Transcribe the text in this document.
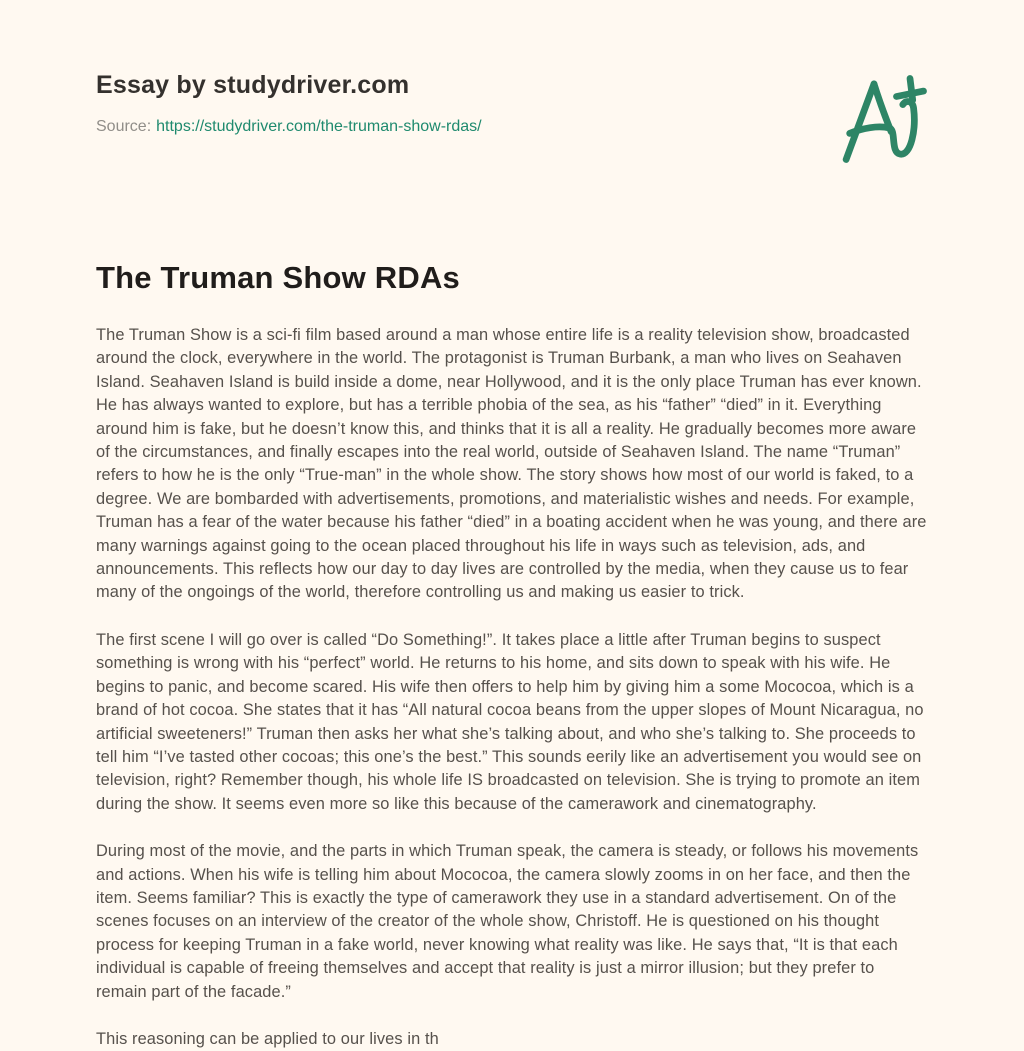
Essay by studydriver.com
Source: https://studydriver.com/the-truman-show-rdas/
The Truman Show RDAs

The Truman Show is a sci-fi film based around a man whose entire life is a reality television show, broadcasted around the clock, everywhere in the world. The protagonist is Truman Burbank, a man who lives on Seahaven Island. Seahaven Island is build inside a dome, near Hollywood, and it is the only place Truman has ever known. He has always wanted to explore, but has a terrible phobia of the sea, as his “father” “died” in it. Everything around him is fake, but he doesn’t know this, and thinks that it is all a reality. He gradually becomes more aware of the circumstances, and finally escapes into the real world, outside of Seahaven Island. The name “Truman” refers to how he is the only “True-man” in the whole show. The story shows how most of our world is faked, to a degree. We are bombarded with advertisements, promotions, and materialistic wishes and needs. For example, Truman has a fear of the water because his father “died” in a boating accident when he was young, and there are many warnings against going to the ocean placed throughout his life in ways such as television, ads, and announcements. This reflects how our day to day lives are controlled by the media, when they cause us to fear many of the ongoings of the world, therefore controlling us and making us easier to trick.

The first scene I will go over is called “Do Something!”. It takes place a little after Truman begins to suspect something is wrong with his “perfect” world. He returns to his home, and sits down to speak with his wife. He begins to panic, and become scared. His wife then offers to help him by giving him a some Mococoa, which is a brand of hot cocoa. She states that it has “All natural cocoa beans from the upper slopes of Mount Nicaragua, no artificial sweeteners!” Truman then asks her what she’s talking about, and who she’s talking to. She proceeds to tell him “I’ve tasted other cocoas; this one’s the best.” This sounds eerily like an advertisement you would see on television, right? Remember though, his whole life IS broadcasted on television. She is trying to promote an item during the show. It seems even more so like this because of the camerawork and cinematography.

During most of the movie, and the parts in which Truman speak, the camera is steady, or follows his movements and actions. When his wife is telling him about Mococoa, the camera slowly zooms in on her face, and then the item. Seems familiar? This is exactly the type of camerawork they use in a standard advertisement. On of the scenes focuses on an interview of the creator of the whole show, Christoff. He is questioned on his thought process for keeping Truman in a fake world, never knowing what reality was like. He says that, “It is that each individual is capable of freeing themselves and accept that reality is just a mirror illusion; but they prefer to remain part of the facade.”

This reasoning can be applied to our lives in th
